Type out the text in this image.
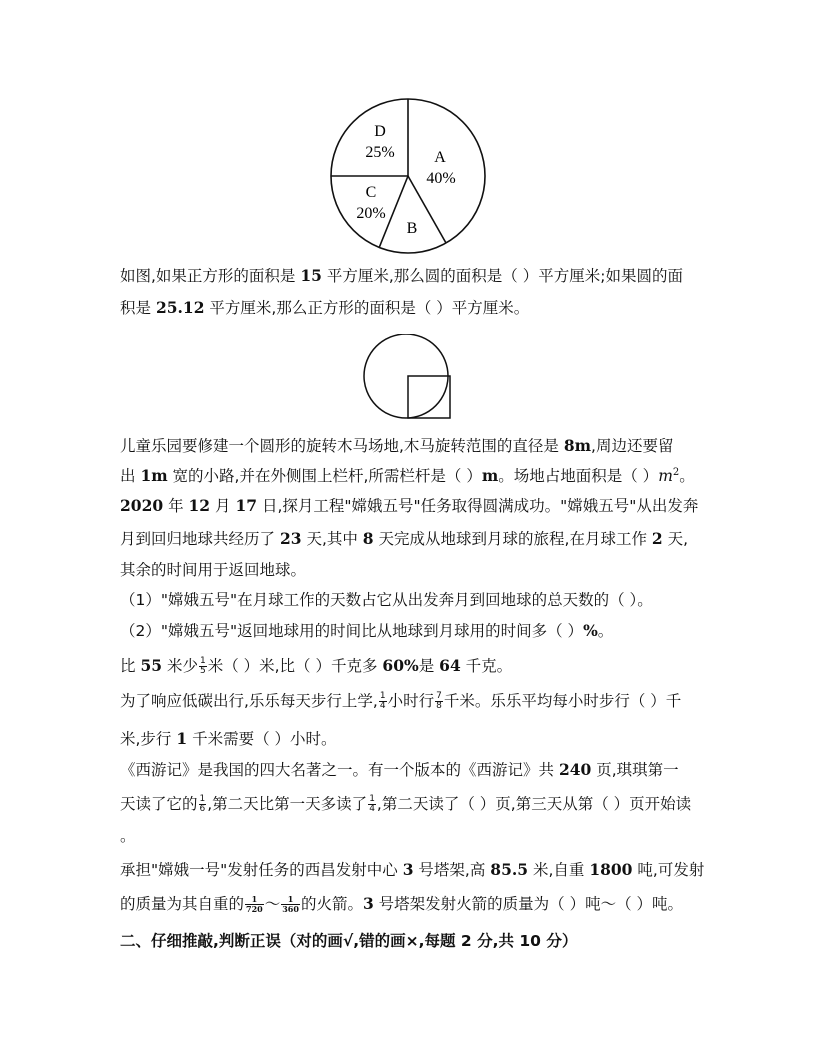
A
40%
B
C
20%
D
25%
如图,如果正方形的面积是 15 平方厘米,那么圆的面积是（ ）平方厘米;如果圆的面
积是 25.12 平方厘米,那么正方形的面积是（ ）平方厘米。
儿童乐园要修建一个圆形的旋转木马场地,木马旋转范围的直径是 8m,周边还要留
出 1m 宽的小路,并在外侧围上栏杆,所需栏杆是（ ）m。场地占地面积是（ ）$m^2$。
2020 年 12 月 17 日,探月工程"嫦娥五号"任务取得圆满成功。"嫦娥五号"从出发奔
月到回归地球共经历了 23 天,其中 8 天完成从地球到月球的旅程,在月球工作 2 天,
其余的时间用于返回地球。
（1）"嫦娥五号"在月球工作的天数占它从出发奔月到回地球的总天数的（ ）。
（2）"嫦娥五号"返回地球用的时间比从地球到月球用的时间多（ ）%。
比 55 米少 $\frac{1}{5}$ 米（ ）米,比（ ）千克多 60%是 64 千克。
为了响应低碳出行,乐乐每天步行上学, $\frac{1}{4}$ 小时行 $\frac{7}{8}$ 千米。乐乐平均每小时步行（ ）千
米,步行 1 千米需要（ ）小时。
《西游记》是我国的四大名著之一。有一个版本的《西游记》共 240 页,琪琪第一
天读了它的 $\frac{1}{6}$ ,第二天比第一天多读了 $\frac{1}{4}$ ,第二天读了（ ）页,第三天从第（ ）页开始读
。
承担"嫦娥一号"发射任务的西昌发射中心 3 号塔架,高 85.5 米,自重 1800 吨,可发射
的质量为其自重的 $\frac{1}{720}$ ～ $\frac{1}{360}$ 的火箭。3 号塔架发射火箭的质量为（ ）吨～（ ）吨。
二、仔细推敲,判断正误（对的画√,错的画×,每题 2 分,共 10 分）
